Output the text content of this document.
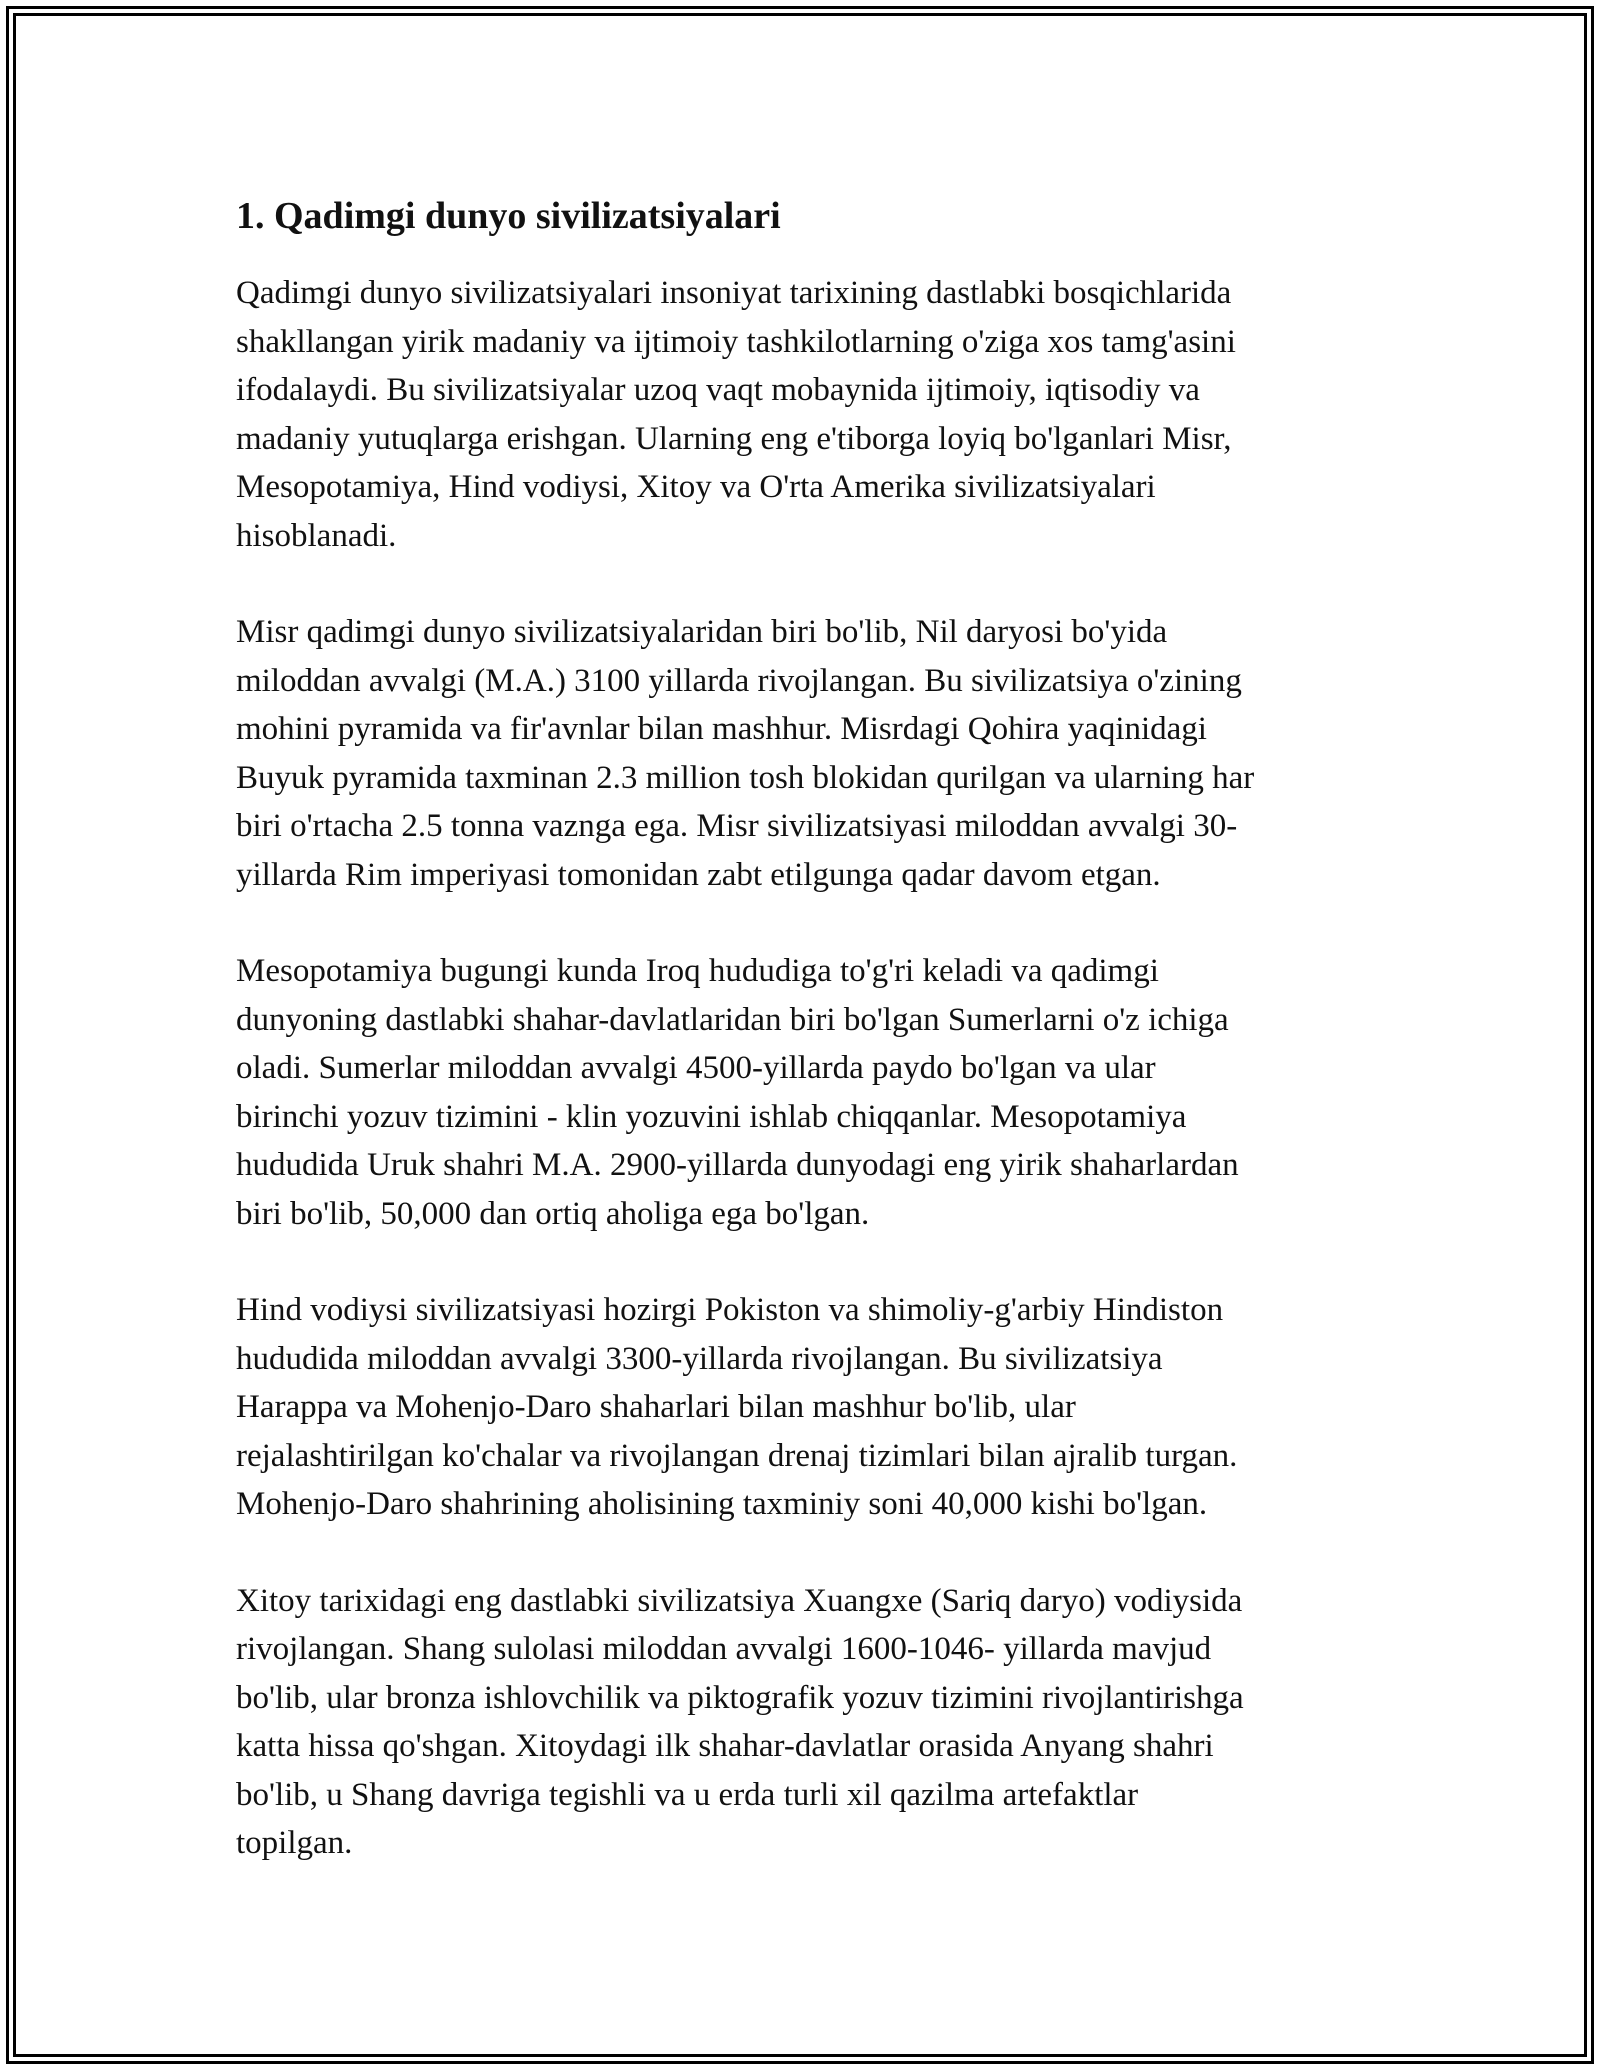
1. Qadimgi dunyo sivilizatsiyalari

Qadimgi dunyo sivilizatsiyalari insoniyat tarixining dastlabki bosqichlarida
shakllangan yirik madaniy va ijtimoiy tashkilotlarning o'ziga xos tamg'asini
ifodalaydi. Bu sivilizatsiyalar uzoq vaqt mobaynida ijtimoiy, iqtisodiy va
madaniy yutuqlarga erishgan. Ularning eng e'tiborga loyiq bo'lganlari Misr,
Mesopotamiya, Hind vodiysi, Xitoy va O'rta Amerika sivilizatsiyalari
hisoblanadi.

Misr qadimgi dunyo sivilizatsiyalaridan biri bo'lib, Nil daryosi bo'yida
miloddan avvalgi (M.A.) 3100 yillarda rivojlangan. Bu sivilizatsiya o'zining
mohini pyramida va fir'avnlar bilan mashhur. Misrdagi Qohira yaqinidagi
Buyuk pyramida taxminan 2.3 million tosh blokidan qurilgan va ularning har
biri o'rtacha 2.5 tonna vaznga ega. Misr sivilizatsiyasi miloddan avvalgi 30-
yillarda Rim imperiyasi tomonidan zabt etilgunga qadar davom etgan.

Mesopotamiya bugungi kunda Iroq hududiga to'g'ri keladi va qadimgi
dunyoning dastlabki shahar-davlatlaridan biri bo'lgan Sumerlarni o'z ichiga
oladi. Sumerlar miloddan avvalgi 4500-yillarda paydo bo'lgan va ular
birinchi yozuv tizimini - klin yozuvini ishlab chiqqanlar. Mesopotamiya
hududida Uruk shahri M.A. 2900-yillarda dunyodagi eng yirik shaharlardan
biri bo'lib, 50,000 dan ortiq aholiga ega bo'lgan.

Hind vodiysi sivilizatsiyasi hozirgi Pokiston va shimoliy-g'arbiy Hindiston
hududida miloddan avvalgi 3300-yillarda rivojlangan. Bu sivilizatsiya
Harappa va Mohenjo-Daro shaharlari bilan mashhur bo'lib, ular
rejalashtirilgan ko'chalar va rivojlangan drenaj tizimlari bilan ajralib turgan.
Mohenjo-Daro shahrining aholisining taxminiy soni 40,000 kishi bo'lgan.

Xitoy tarixidagi eng dastlabki sivilizatsiya Xuangxe (Sariq daryo) vodiysida
rivojlangan. Shang sulolasi miloddan avvalgi 1600-1046- yillarda mavjud
bo'lib, ular bronza ishlovchilik va piktografik yozuv tizimini rivojlantirishga
katta hissa qo'shgan. Xitoydagi ilk shahar-davlatlar orasida Anyang shahri
bo'lib, u Shang davriga tegishli va u erda turli xil qazilma artefaktlar
topilgan.
